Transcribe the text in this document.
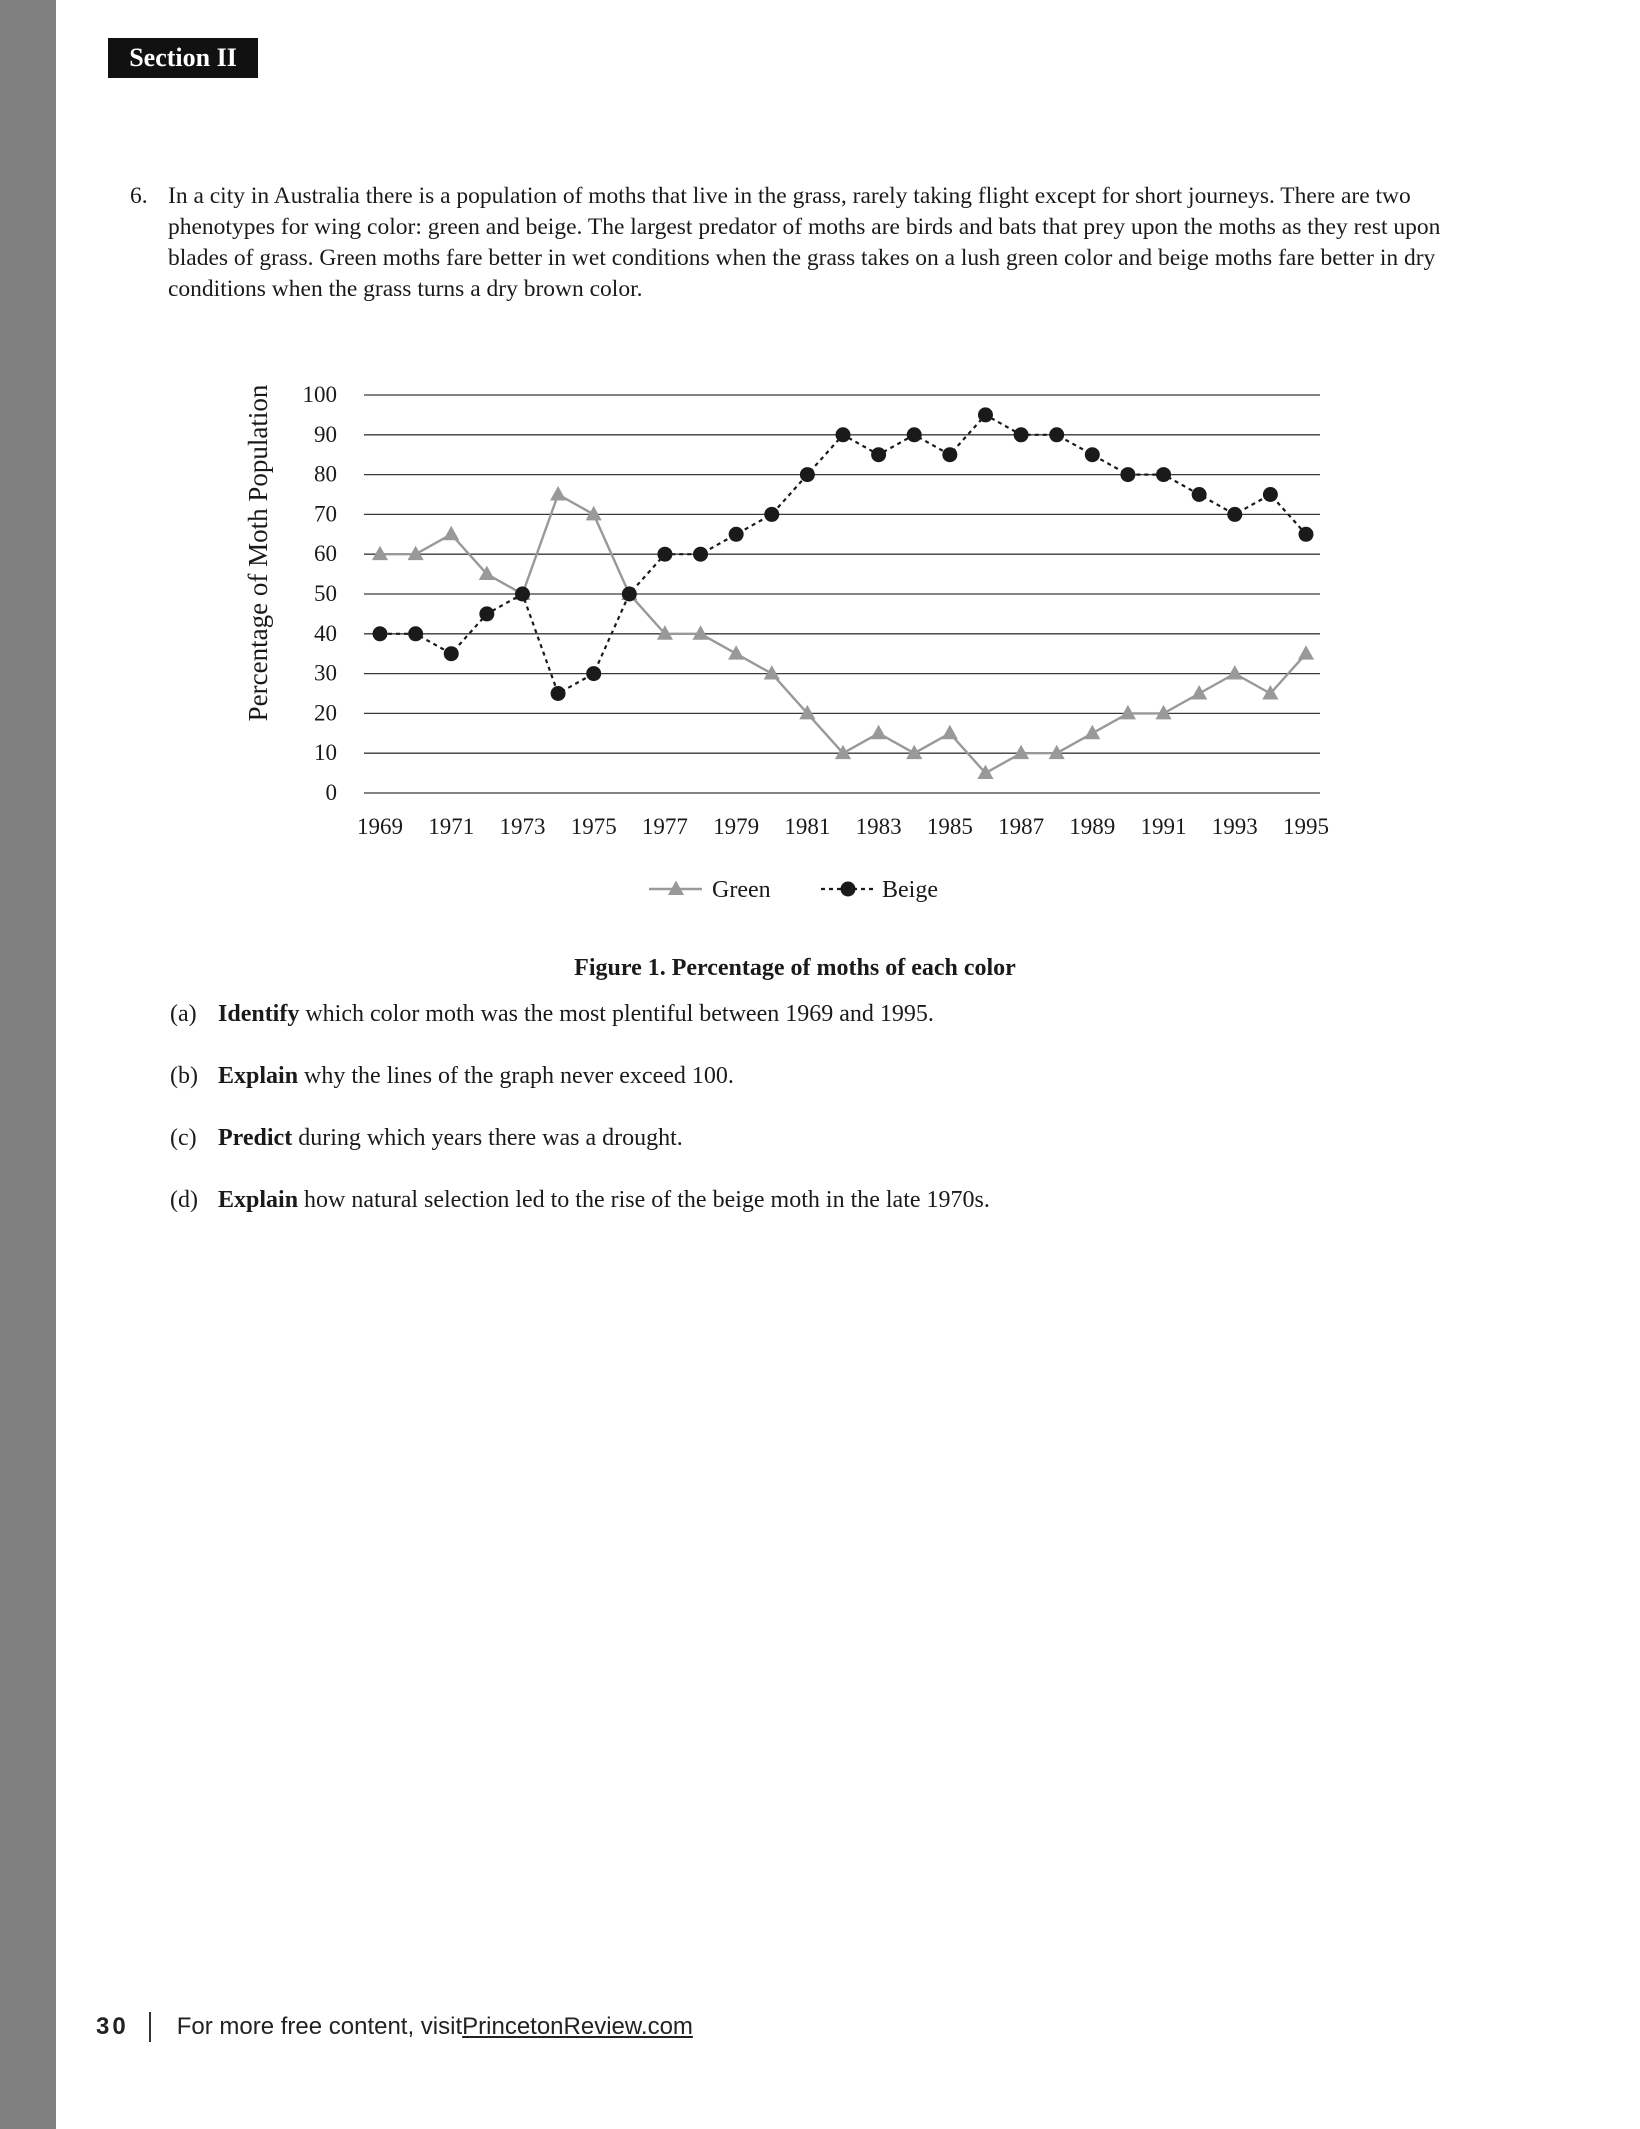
Section II
6. In a city in Australia there is a population of moths that live in the grass, rarely taking flight except for short journeys. There are two phenotypes for wing color: green and beige. The largest predator of moths are birds and bats that prey upon the moths as they rest upon blades of grass. Green moths fare better in wet conditions when the grass takes on a lush green color and beige moths fare better in dry conditions when the grass turns a dry brown color.
0
10
20
30
40
50
60
70
80
90
100
1969 1971 1973 1975 1977 1979 1981 1983 1985 1987 1989 1991 1993 1995
Percentage of Moth Population
Green	Beige
Figure 1. Percentage of moths of each color
(a) Identify which color moth was the most plentiful between 1969 and 1995.
(b) Explain why the lines of the graph never exceed 100.
(c) Predict during which years there was a drought.
(d) Explain how natural selection led to the rise of the beige moth in the late 1970s.
30 For more free content, visit PrincetonReview.com
